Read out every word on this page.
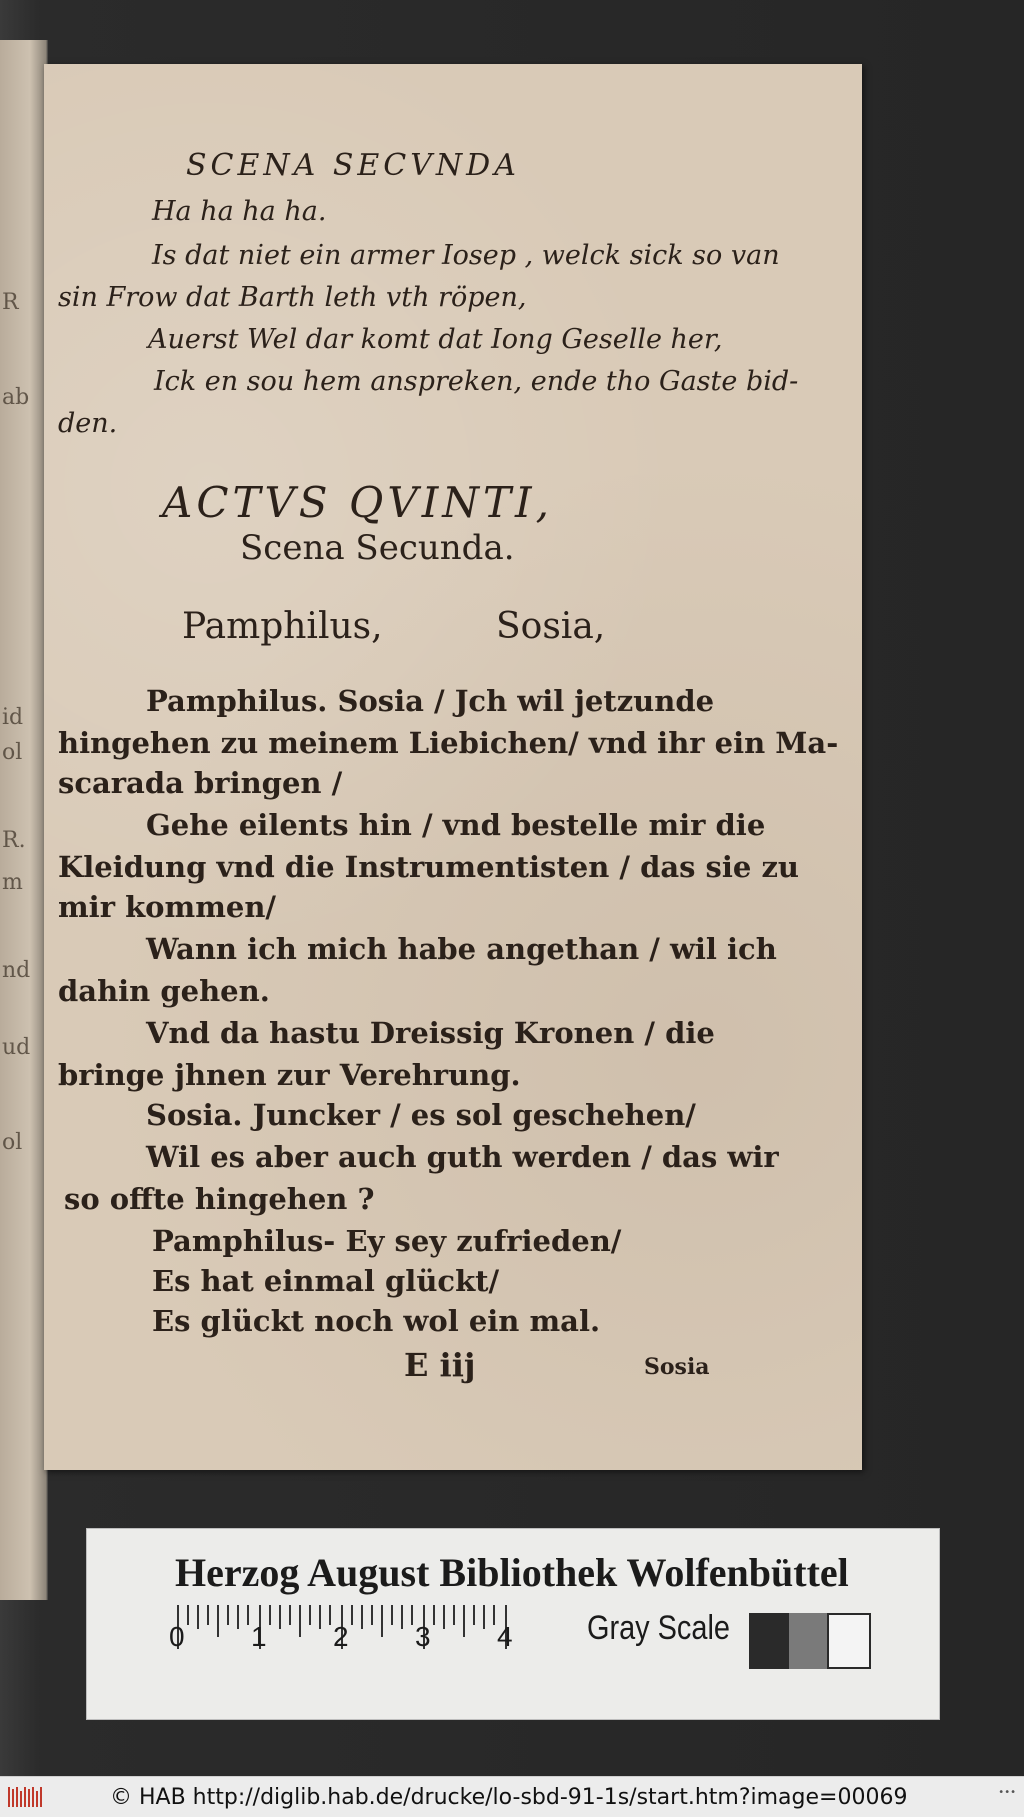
R
ab
id
ol
R.
m
nd
ud
ol
SCENA SECVNDA
Ha ha ha ha.
Is dat niet ein armer Iosep , welck sick so van
sin Frow dat Barth leth vth röpen,
Auerst Wel dar komt dat Iong Geselle her,
Ick en sou hem anspreken, ende tho Gaste bid-
den.
ACTVS QVINTI,
Scena Secunda.
Pamphilus,	Sosia,
Pamphilus. Sosia / Jch wil jetzunde
hingehen zu meinem Liebichen/ vnd ihr ein Ma-
scarada bringen /
Gehe eilents hin / vnd bestelle mir die
Kleidung vnd die Instrumentisten / das sie zu
mir kommen/
Wann ich mich habe angethan / wil ich
dahin gehen.
Vnd da hastu Dreissig Kronen / die
bringe jhnen zur Verehrung.
Sosia. Juncker / es sol geschehen/
Wil es aber auch guth werden / das wir
so offte hingehen ?
Pamphilus- Ey sey zufrieden/
Es hat einmal glückt/
Es glückt noch wol ein mal.
E iij	Sosia
Herzog August Bibliothek Wolfenbüttel
0 1 2 3 4 Gray Scale
© HAB http://diglib.hab.de/drucke/lo-sbd-91-1s/start.htm?image=00069	•••
